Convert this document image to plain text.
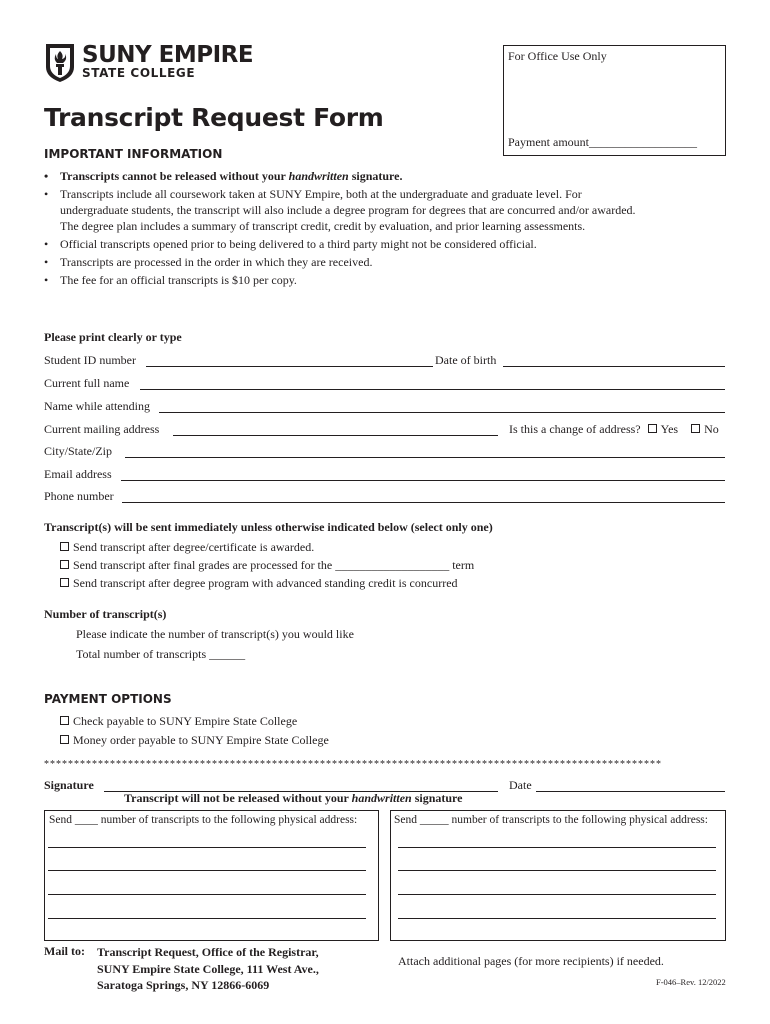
SUNY EMPIRE
STATE COLLEGE
Transcript Request Form
For Office Use Only
Payment amount__________________
IMPORTANT INFORMATION
• Transcripts cannot be released without your handwritten signature.
• Transcripts include all coursework taken at SUNY Empire, both at the undergraduate and graduate level. For undergraduate students, the transcript will also include a degree program for degrees that are concurred and/or awarded. The degree plan includes a summary of transcript credit, credit by evaluation, and prior learning assessments.
• Official transcripts opened prior to being delivered to a third party might not be considered official.
• Transcripts are processed in the order in which they are received.
• The fee for an official transcripts is $10 per copy.
Please print clearly or type
Student ID number	Date of birth
Current full name
Name while attending
Current mailing address	Is this a change of address? Yes No
City/State/Zip
Email address
Phone number
Transcript(s) will be sent immediately unless otherwise indicated below (select only one)
Send transcript after degree/certificate is awarded.
Send transcript after final grades are processed for the ___________________ term
Send transcript after degree program with advanced standing credit is concurred
Number of transcript(s)
Please indicate the number of transcript(s) you would like
Total number of transcripts ______
PAYMENT OPTIONS
Check payable to SUNY Empire State College
Money order payable to SUNY Empire State College
*******************************************************************************************************
Signature	Date
Transcript will not be released without your handwritten signature
Send ____ number of transcripts to the following physical address:	Send _____ number of transcripts to the following physical address:
Mail to: Transcript Request, Office of the Registrar,
SUNY Empire State College, 111 West Ave.,
Saratoga Springs, NY 12866-6069
Attach additional pages (for more recipients) if needed.
F-046–Rev. 12/2022
